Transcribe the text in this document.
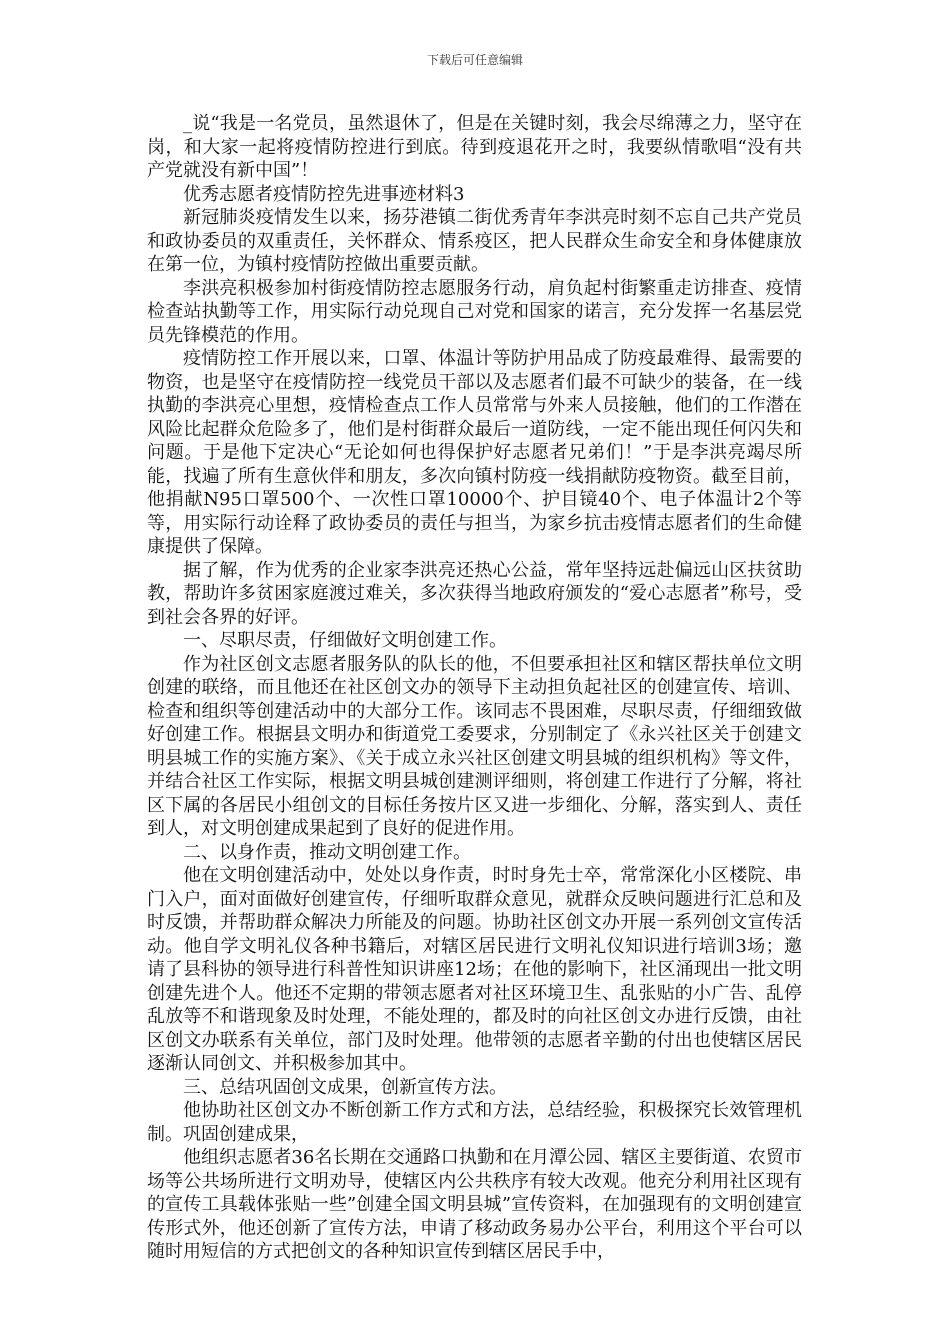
下载后可任意编辑

_说“我是一名党员，虽然退休了，但是在关键时刻，我会尽绵薄之力，坚守在岗，和大家一起将疫情防控进行到底。待到疫退花开之时，我要纵情歌唱“没有共产党就没有新中国”！

优秀志愿者疫情防控先进事迹材料3

新冠肺炎疫情发生以来，扬芬港镇二街优秀青年李洪亮时刻不忘自己共产党员和政协委员的双重责任，关怀群众、情系疫区，把人民群众生命安全和身体健康放在第一位，为镇村疫情防控做出重要贡献。

李洪亮积极参加村街疫情防控志愿服务行动，肩负起村街繁重走访排查、疫情检查站执勤等工作，用实际行动兑现自己对党和国家的诺言，充分发挥一名基层党员先锋模范的作用。

疫情防控工作开展以来，口罩、体温计等防护用品成了防疫最难得、最需要的物资，也是坚守在疫情防控一线党员干部以及志愿者们最不可缺少的装备，在一线执勤的李洪亮心里想，疫情检查点工作人员常常与外来人员接触，他们的工作潜在风险比起群众危险多了，他们是村街群众最后一道防线，一定不能出现任何闪失和问题。于是他下定决心“无论如何也得保护好志愿者兄弟们！”于是李洪亮竭尽所能，找遍了所有生意伙伴和朋友，多次向镇村防疫一线捐献防疫物资。截至目前，他捐献N95口罩500个、一次性口罩10000个、护目镜40个、电子体温计2个等等，用实际行动诠释了政协委员的责任与担当，为家乡抗击疫情志愿者们的生命健康提供了保障。

据了解，作为优秀的企业家李洪亮还热心公益，常年坚持远赴偏远山区扶贫助教，帮助许多贫困家庭渡过难关，多次获得当地政府颁发的“爱心志愿者”称号，受到社会各界的好评。

一、尽职尽责，仔细做好文明创建工作。

作为社区创文志愿者服务队的队长的他，不但要承担社区和辖区帮扶单位文明创建的联络，而且他还在社区创文办的领导下主动担负起社区的创建宣传、培训、检查和组织等创建活动中的大部分工作。该同志不畏困难，尽职尽责，仔细细致做好创建工作。根据县文明办和街道党工委要求，分别制定了《永兴社区关于创建文明县城工作的实施方案》、《关于成立永兴社区创建文明县城的组织机构》等文件，并结合社区工作实际，根据文明县城创建测评细则，将创建工作进行了分解，将社区下属的各居民小组创文的目标任务按片区又进一步细化、分解，落实到人、责任到人，对文明创建成果起到了良好的促进作用。

二、以身作责，推动文明创建工作。

他在文明创建活动中，处处以身作责，时时身先士卒，常常深化小区楼院、串门入户，面对面做好创建宣传，仔细听取群众意见，就群众反映问题进行汇总和及时反馈，并帮助群众解决力所能及的问题。协助社区创文办开展一系列创文宣传活动。他自学文明礼仪各种书籍后，对辖区居民进行文明礼仪知识进行培训3场；邀请了县科协的领导进行科普性知识讲座12场；在他的影响下，社区涌现出一批文明创建先进个人。他还不定期的带领志愿者对社区环境卫生、乱张贴的小广告、乱停乱放等不和谐现象及时处理，不能处理的，都及时的向社区创文办进行反馈，由社区创文办联系有关单位，部门及时处理。他带领的志愿者辛勤的付出也使辖区居民逐渐认同创文、并积极参加其中。

三、总结巩固创文成果，创新宣传方法。

他协助社区创文办不断创新工作方式和方法，总结经验，积极探究长效管理机制。巩固创建成果，

他组织志愿者36名长期在交通路口执勤和在月潭公园、辖区主要街道、农贸市场等公共场所进行文明劝导，使辖区内公共秩序有较大改观。他充分利用社区现有的宣传工具载体张贴一些”创建全国文明县城”宣传资料，在加强现有的文明创建宣传形式外，他还创新了宣传方法，申请了移动政务易办公平台，利用这个平台可以随时用短信的方式把创文的各种知识宣传到辖区居民手中，
